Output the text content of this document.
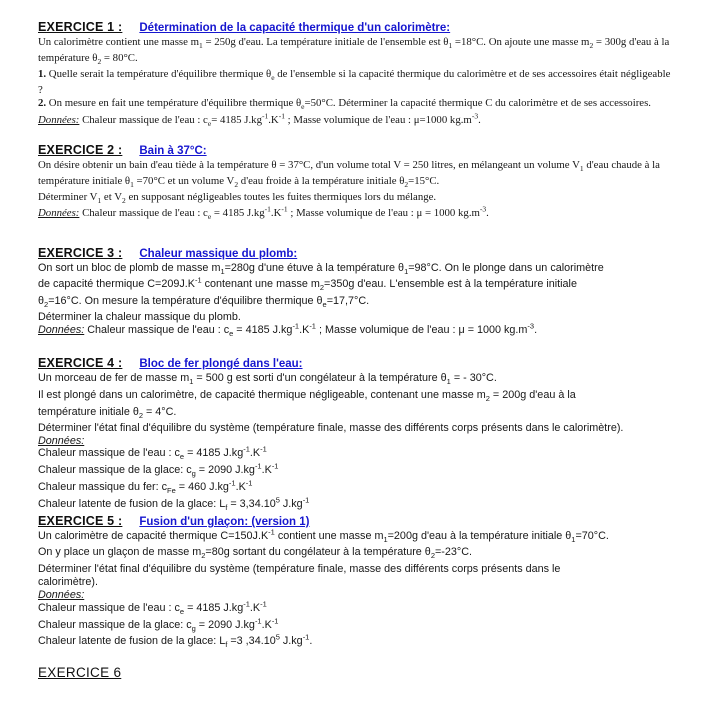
EXERCICE 1 : Détermination de la capacité thermique d'un calorimètre:
Un calorimètre contient une masse $m_1 = 250g$ d'eau. La température initiale de l'ensemble est $\theta_1 =18^\circ C$. On ajoute une masse $m_2 = 300g$ d'eau à la
température $\theta_2 = 80^\circ C$.
1. Quelle serait la température d'équilibre thermique $\theta_e$ de l'ensemble si la capacité thermique du calorimètre et de ses accessoires était négligeable
?
2. On mesure en fait une température d'équilibre thermique $\theta_e=50^\circ C$. Déterminer la capacité thermique C du calorimètre et de ses accessoires.
Données: Chaleur massique de l'eau : $c_e= 4185$ $J.kg^{-1}.K^{-1}$ ; Masse volumique de l'eau : μ=1000 $kg.m^{-3}$.
EXERCICE 2 : Bain à 37°C:
On désire obtenir un bain d'eau tiède à la température θ = 37°C, d'un volume total V = 250 litres, en mélangeant un volume $V_1$ d'eau chaude à la
température initiale $\theta_1 =70^\circ C$ et un volume $V_2$ d'eau froide à la température initiale $\theta_2=15^\circ C$.
Déterminer $V_1$ et $V_2$ en supposant négligeables toutes les fuites thermiques lors du mélange.
Données: Chaleur massique de l'eau : $c_e = 4185$ $J.kg^{-1}.K^{-1}$ ; Masse volumique de l'eau : μ = 1000 $kg.m^{-3}$.
EXERCICE 3 : Chaleur massique du plomb:
On sort un bloc de plomb de masse $m_1=280g$ d'une étuve à la température $\theta_1=98^\circ C$. On le plonge dans un calorimètre
de capacité thermique $C=209J.K^{-1}$ contenant une masse $m_2=350g$ d'eau. L'ensemble est à la température initiale
$\theta_2=16^\circ C$. On mesure la température d'équilibre thermique $\theta_e=17,7^\circ C$.
Déterminer la chaleur massique du plomb.
Données: Chaleur massique de l'eau : $c_e = 4185$ $J.kg^{-1}.K^{-1}$ ; Masse volumique de l'eau : μ = 1000 $kg.m^{-3}$.
EXERCICE 4 : Bloc de fer plongé dans l'eau:
Un morceau de fer de masse $m_1 = 500$ g est sorti d'un congélateur à la température $\theta_1$ = - 30°C.
Il est plongé dans un calorimètre, de capacité thermique négligeable, contenant une masse $m_2 = 200g$ d'eau à la
température initiale $\theta_2 = 4^\circ C$.
Déterminer l'état final d'équilibre du système (température finale, masse des différents corps présents dans le calorimètre).
Données:
Chaleur massique de l'eau : $c_e = 4185$ $J.kg^{-1}.K^{-1}$
Chaleur massique de la glace: $c_g = 2090$ $J.kg^{-1}.K^{-1}$
Chaleur massique du fer: $c_{Fe} = 460$ $J.kg^{-1}.K^{-1}$
Chaleur latente de fusion de la glace: $L_f = 3,34.10^5$ $J.kg^{-1}$
EXERCICE 5 : Fusion d'un glaçon: (version 1)
Un calorimètre de capacité thermique $C=150J.K^{-1}$ contient une masse $m_1=200g$ d'eau à la température initiale $\theta_1=70^\circ C$.
On y place un glaçon de masse $m_2=80g$ sortant du congélateur à la température $\theta_2=-23^\circ C$.
Déterminer l'état final d'équilibre du système (température finale, masse des différents corps présents dans le
calorimètre).
Données:
Chaleur massique de l'eau : $c_e = 4185$ $J.kg^{-1}.K^{-1}$
Chaleur massique de la glace: $c_g = 2090$ $J.kg^{-1}.K^{-1}$
Chaleur latente de fusion de la glace: $L_f =3$ ,34.10$^5$ $J.kg^{-1}$.
EXERCICE 6
